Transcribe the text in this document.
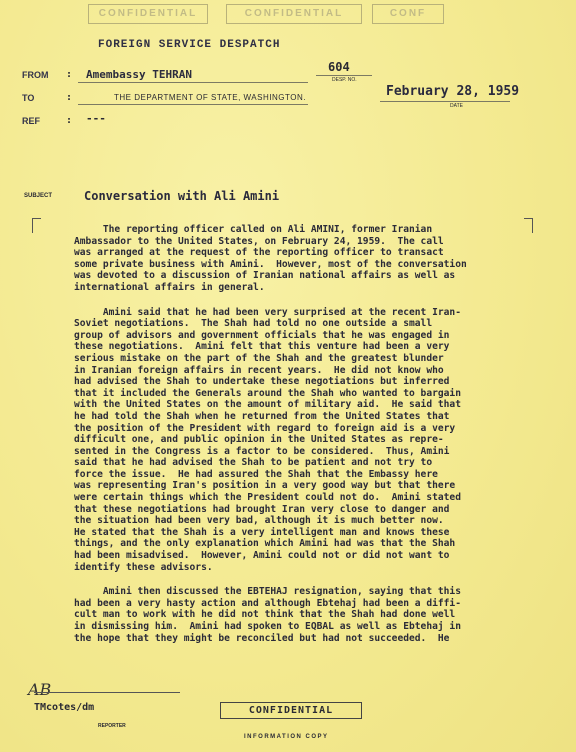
CONFIDENTIAL	CONFIDENTIAL	CONF
FOREIGN SERVICE DESPATCH
FROM : Amembassy TEHRAN
604
DESP. NO.
TO	:	THE DEPARTMENT OF STATE, WASHINGTON.	February 28, 1959
DATE
REF	: ---
SUBJECT	Conversation with Ali Amini
The reporting officer called on Ali AMINI, former Iranian
Ambassador to the United States, on February 24, 1959.  The call
was arranged at the request of the reporting officer to transact
some private business with Amini.  However, most of the conversation
was devoted to a discussion of Iranian national affairs as well as
international affairs in general.
Amini said that he had been very surprised at the recent Iran-
Soviet negotiations.  The Shah had told no one outside a small
group of advisors and government officials that he was engaged in
these negotiations.  Amini felt that this venture had been a very
serious mistake on the part of the Shah and the greatest blunder
in Iranian foreign affairs in recent years.  He did not know who
had advised the Shah to undertake these negotiations but inferred
that it included the Generals around the Shah who wanted to bargain
with the United States on the amount of military aid.  He said that
he had told the Shah when he returned from the United States that
the position of the President with regard to foreign aid is a very
difficult one, and public opinion in the United States as repre-
sented in the Congress is a factor to be considered.  Thus, Amini
said that he had advised the Shah to be patient and not try to
force the issue.  He had assured the Shah that the Embassy here
was representing Iran's position in a very good way but that there
were certain things which the President could not do.  Amini stated
that these negotiations had brought Iran very close to danger and
the situation had been very bad, although it is much better now.
He stated that the Shah is a very intelligent man and knows these
things, and the only explanation which Amini had was that the Shah
had been misadvised.  However, Amini could not or did not want to
identify these advisors.
Amini then discussed the EBTEHAJ resignation, saying that this
had been a very hasty action and although Ebtehaj had been a diffi-
cult man to work with he did not think that the Shah had done well
in dismissing him.  Amini had spoken to EQBAL as well as Ebtehaj in
the hope that they might be reconciled but had not succeeded.  He
AB
TMcotes/dm
REPORTER
CONFIDENTIAL
INFORMATION COPY
